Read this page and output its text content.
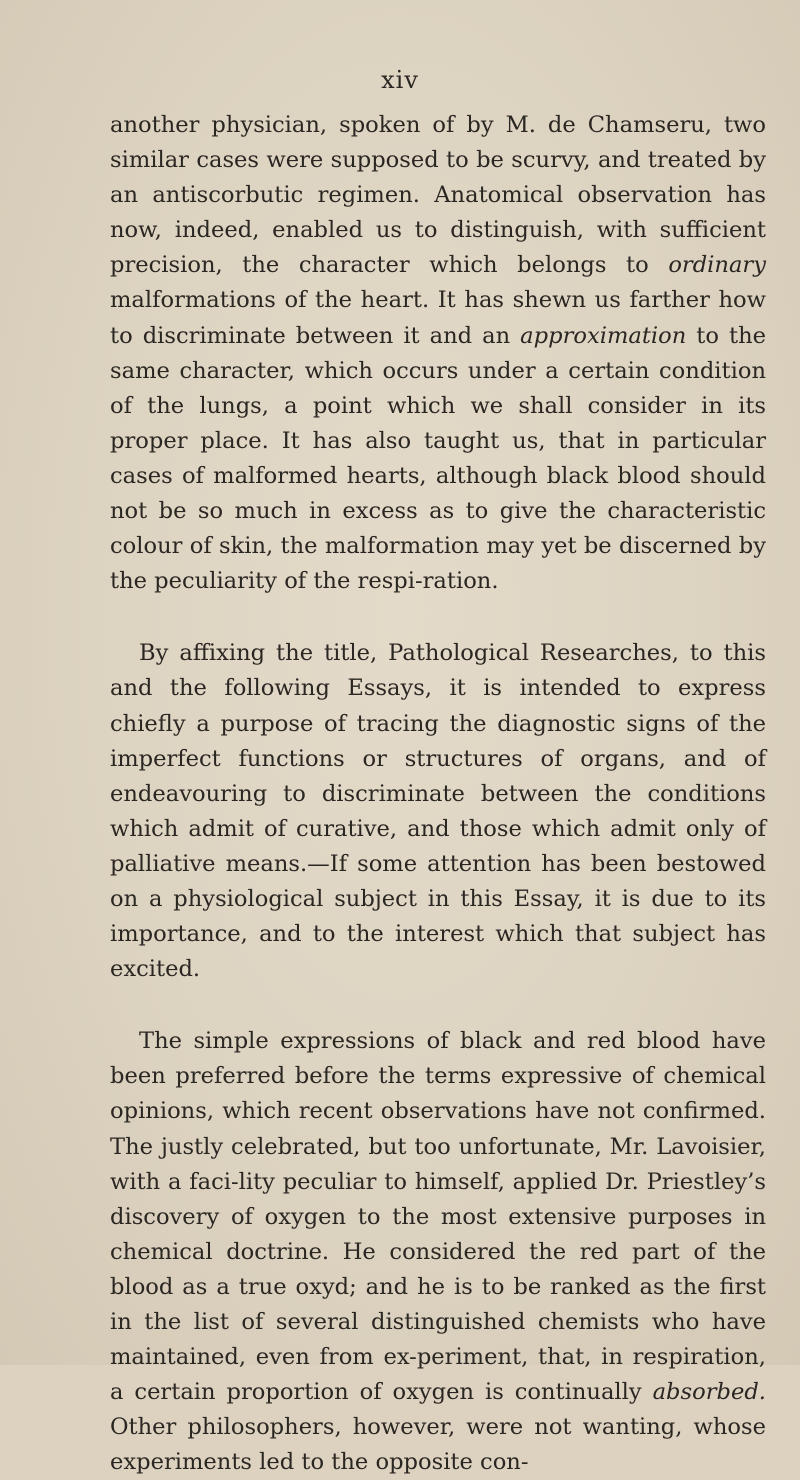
xiv

another physician, spoken of by M. de Chamseru, two similar cases were supposed to be scurvy, and treated by an antiscorbutic regimen. Anatomical observation has now, indeed, enabled us to distinguish, with sufficient precision, the character which belongs to ordinary malformations of the heart. It has shewn us farther how to discriminate between it and an approximation to the same character, which occurs under a certain condition of the lungs, a point which we shall consider in its proper place. It has also taught us, that in particular cases of malformed hearts, although black blood should not be so much in excess as to give the characteristic colour of skin, the malformation may yet be discerned by the peculiarity of the respi-ration.

By affixing the title, Pathological Researches, to this and the following Essays, it is intended to express chiefly a purpose of tracing the diagnostic signs of the imperfect functions or structures of organs, and of endeavouring to discriminate between the conditions which admit of curative, and those which admit only of palliative means.—If some attention has been bestowed on a physiological subject in this Essay, it is due to its importance, and to the interest which that subject has excited.

The simple expressions of black and red blood have been preferred before the terms expressive of chemical opinions, which recent observations have not confirmed. The justly celebrated, but too unfortunate, Mr. Lavoisier, with a faci-lity peculiar to himself, applied Dr. Priestley’s discovery of oxygen to the most extensive purposes in chemical doctrine. He considered the red part of the blood as a true oxyd; and he is to be ranked as the first in the list of several distinguished chemists who have maintained, even from ex-periment, that, in respiration, a certain proportion of oxygen is continually absorbed. Other philosophers, however, were not wanting, whose experiments led to the opposite con-
